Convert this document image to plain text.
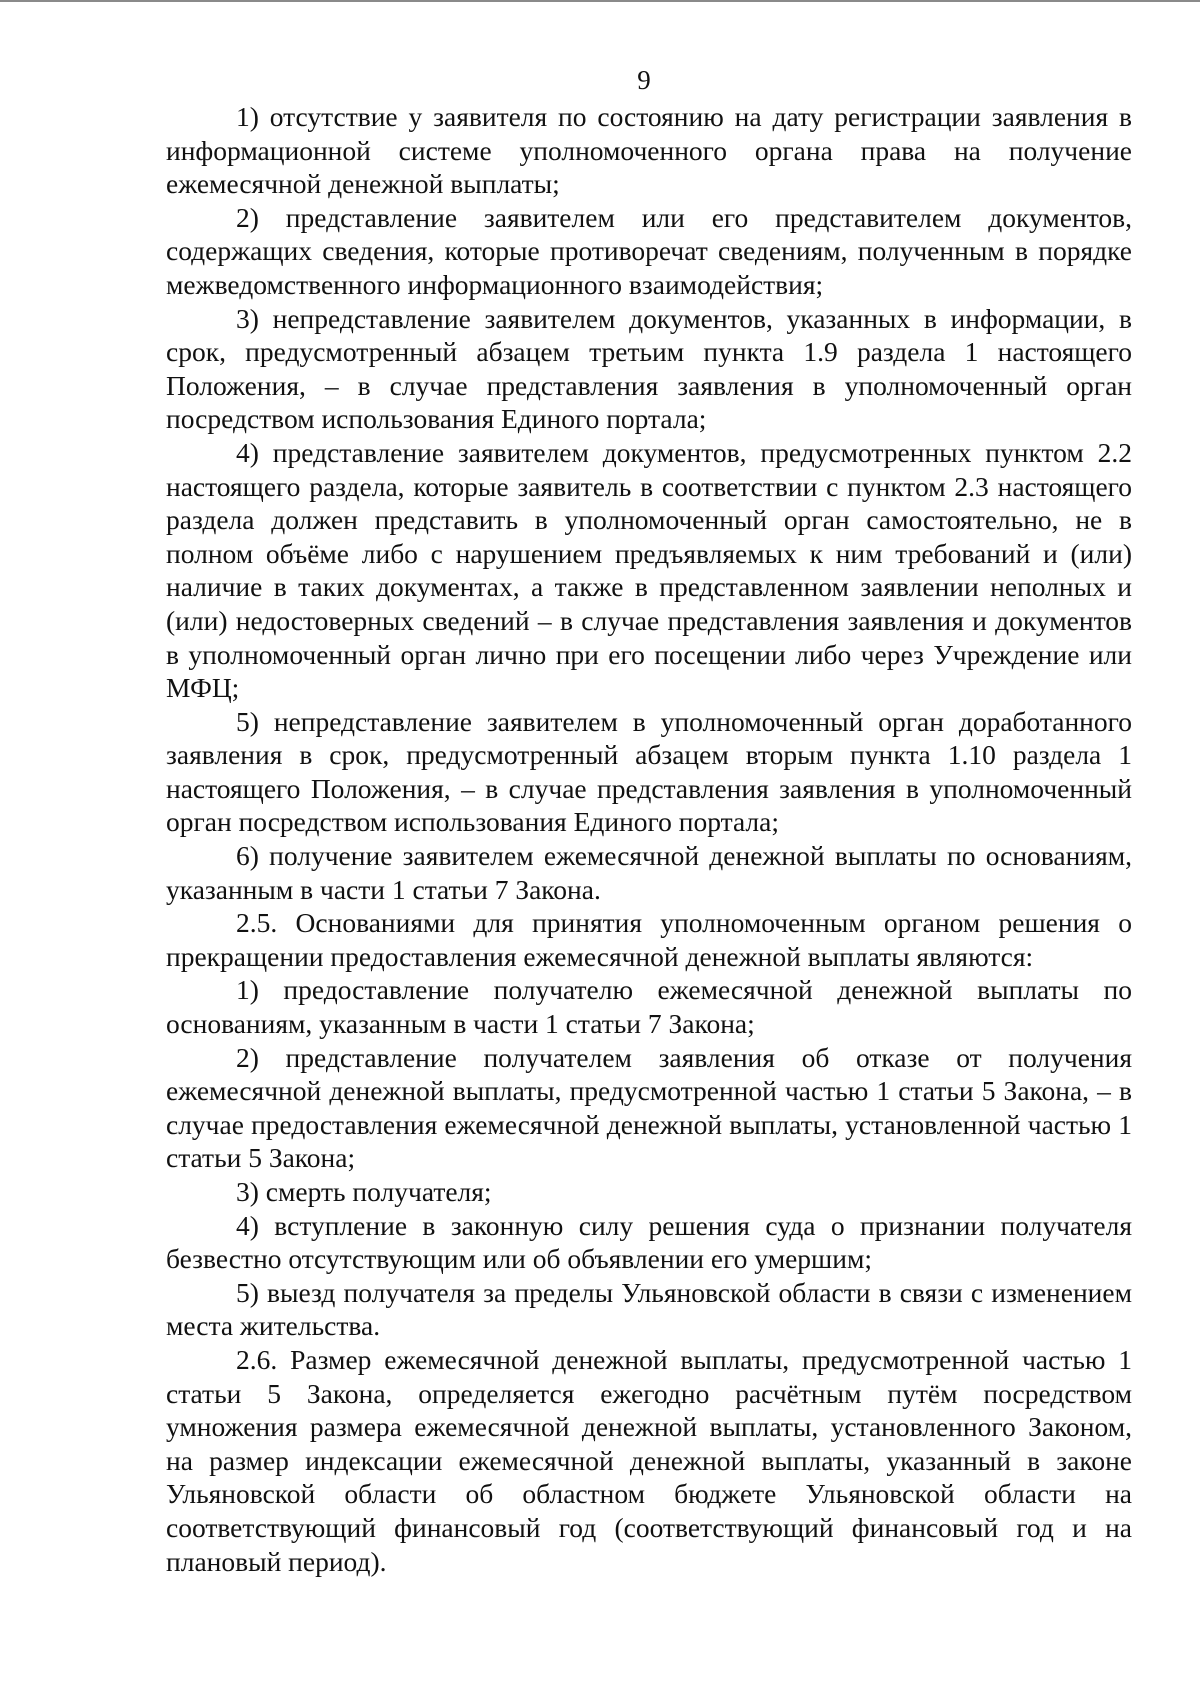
9

1) отсутствие у заявителя по состоянию на дату регистрации заявления в информационной системе уполномоченного органа права на получение ежемесячной денежной выплаты;

2) представление заявителем или его представителем документов, содержащих сведения, которые противоречат сведениям, полученным в порядке межведомственного информационного взаимодействия;

3) непредставление заявителем документов, указанных в информации, в срок, предусмотренный абзацем третьим пункта 1.9 раздела 1 настоящего Положения, – в случае представления заявления в уполномоченный орган посредством использования Единого портала;

4) представление заявителем документов, предусмотренных пунктом 2.2 настоящего раздела, которые заявитель в соответствии с пунктом 2.3 настоящего раздела должен представить в уполномоченный орган самостоятельно, не в полном объёме либо с нарушением предъявляемых к ним требований и (или) наличие в таких документах, а также в представленном заявлении неполных и (или) недостоверных сведений – в случае представления заявления и документов в уполномоченный орган лично при его посещении либо через Учреждение или МФЦ;

5) непредставление заявителем в уполномоченный орган доработанного заявления в срок, предусмотренный абзацем вторым пункта 1.10 раздела 1 настоящего Положения, – в случае представления заявления в уполномоченный орган посредством использования Единого портала;

6) получение заявителем ежемесячной денежной выплаты по основаниям, указанным в части 1 статьи 7 Закона.

2.5. Основаниями для принятия уполномоченным органом решения о прекращении предоставления ежемесячной денежной выплаты являются:

1) предоставление получателю ежемесячной денежной выплаты по основаниям, указанным в части 1 статьи 7 Закона;

2) представление получателем заявления об отказе от получения ежемесячной денежной выплаты, предусмотренной частью 1 статьи 5 Закона, – в случае предоставления ежемесячной денежной выплаты, установленной частью 1 статьи 5 Закона;

3) смерть получателя;

4) вступление в законную силу решения суда о признании получателя безвестно отсутствующим или об объявлении его умершим;

5) выезд получателя за пределы Ульяновской области в связи с изменением места жительства.

2.6. Размер ежемесячной денежной выплаты, предусмотренной частью 1 статьи 5 Закона, определяется ежегодно расчётным путём посредством умножения размера ежемесячной денежной выплаты, установленного Законом, на размер индексации ежемесячной денежной выплаты, указанный в законе Ульяновской области об областном бюджете Ульяновской области на соответствующий финансовый год (соответствующий финансовый год и на плановый период).
